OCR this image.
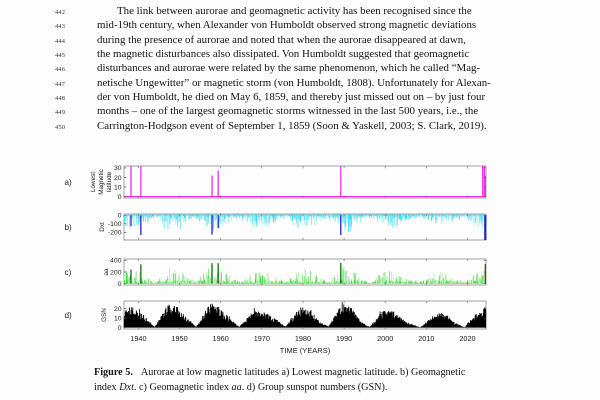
442	The link between aurorae and geomagnetic activity has been recognised since the
443	mid-19th century, when Alexander von Humboldt observed strong magnetic deviations
444	during the presence of aurorae and noted that when the aurorae disappeared at dawn,
445	the magnetic disturbances also dissipated. Von Humboldt suggested that geomagnetic
446	disturbances and aurorae were related by the same phenomenon, which he called “Mag-
447	netische Ungewitter” or magnetic storm (von Humboldt, 1808). Unfortunately for Alexan-
448	der von Humboldt, he died on May 6, 1859, and thereby just missed out on – by just four
449	months – one of the largest geomagnetic storms witnessed in the last 500 years, i.e., the
450	Carrington-Hodgson event of September 1, 1859 (Soon & Yaskell, 2003; S. Clark, 2019).
0
10
20
30
a)	Lowest Magnetic latitude
0
-100
-200
b)	Dxt
0
200
400
c)	aa
0
10
20
d)	GSN
1940	1950	1960	1970	1980	1990	2000	2010	2020
TIME (YEARS)
Figure 5. Aurorae at low magnetic latitudes a) Lowest magnetic latitude. b) Geomagnetic
index Dxt. c) Geomagnetic index aa. d) Group sunspot numbers (GSN).
